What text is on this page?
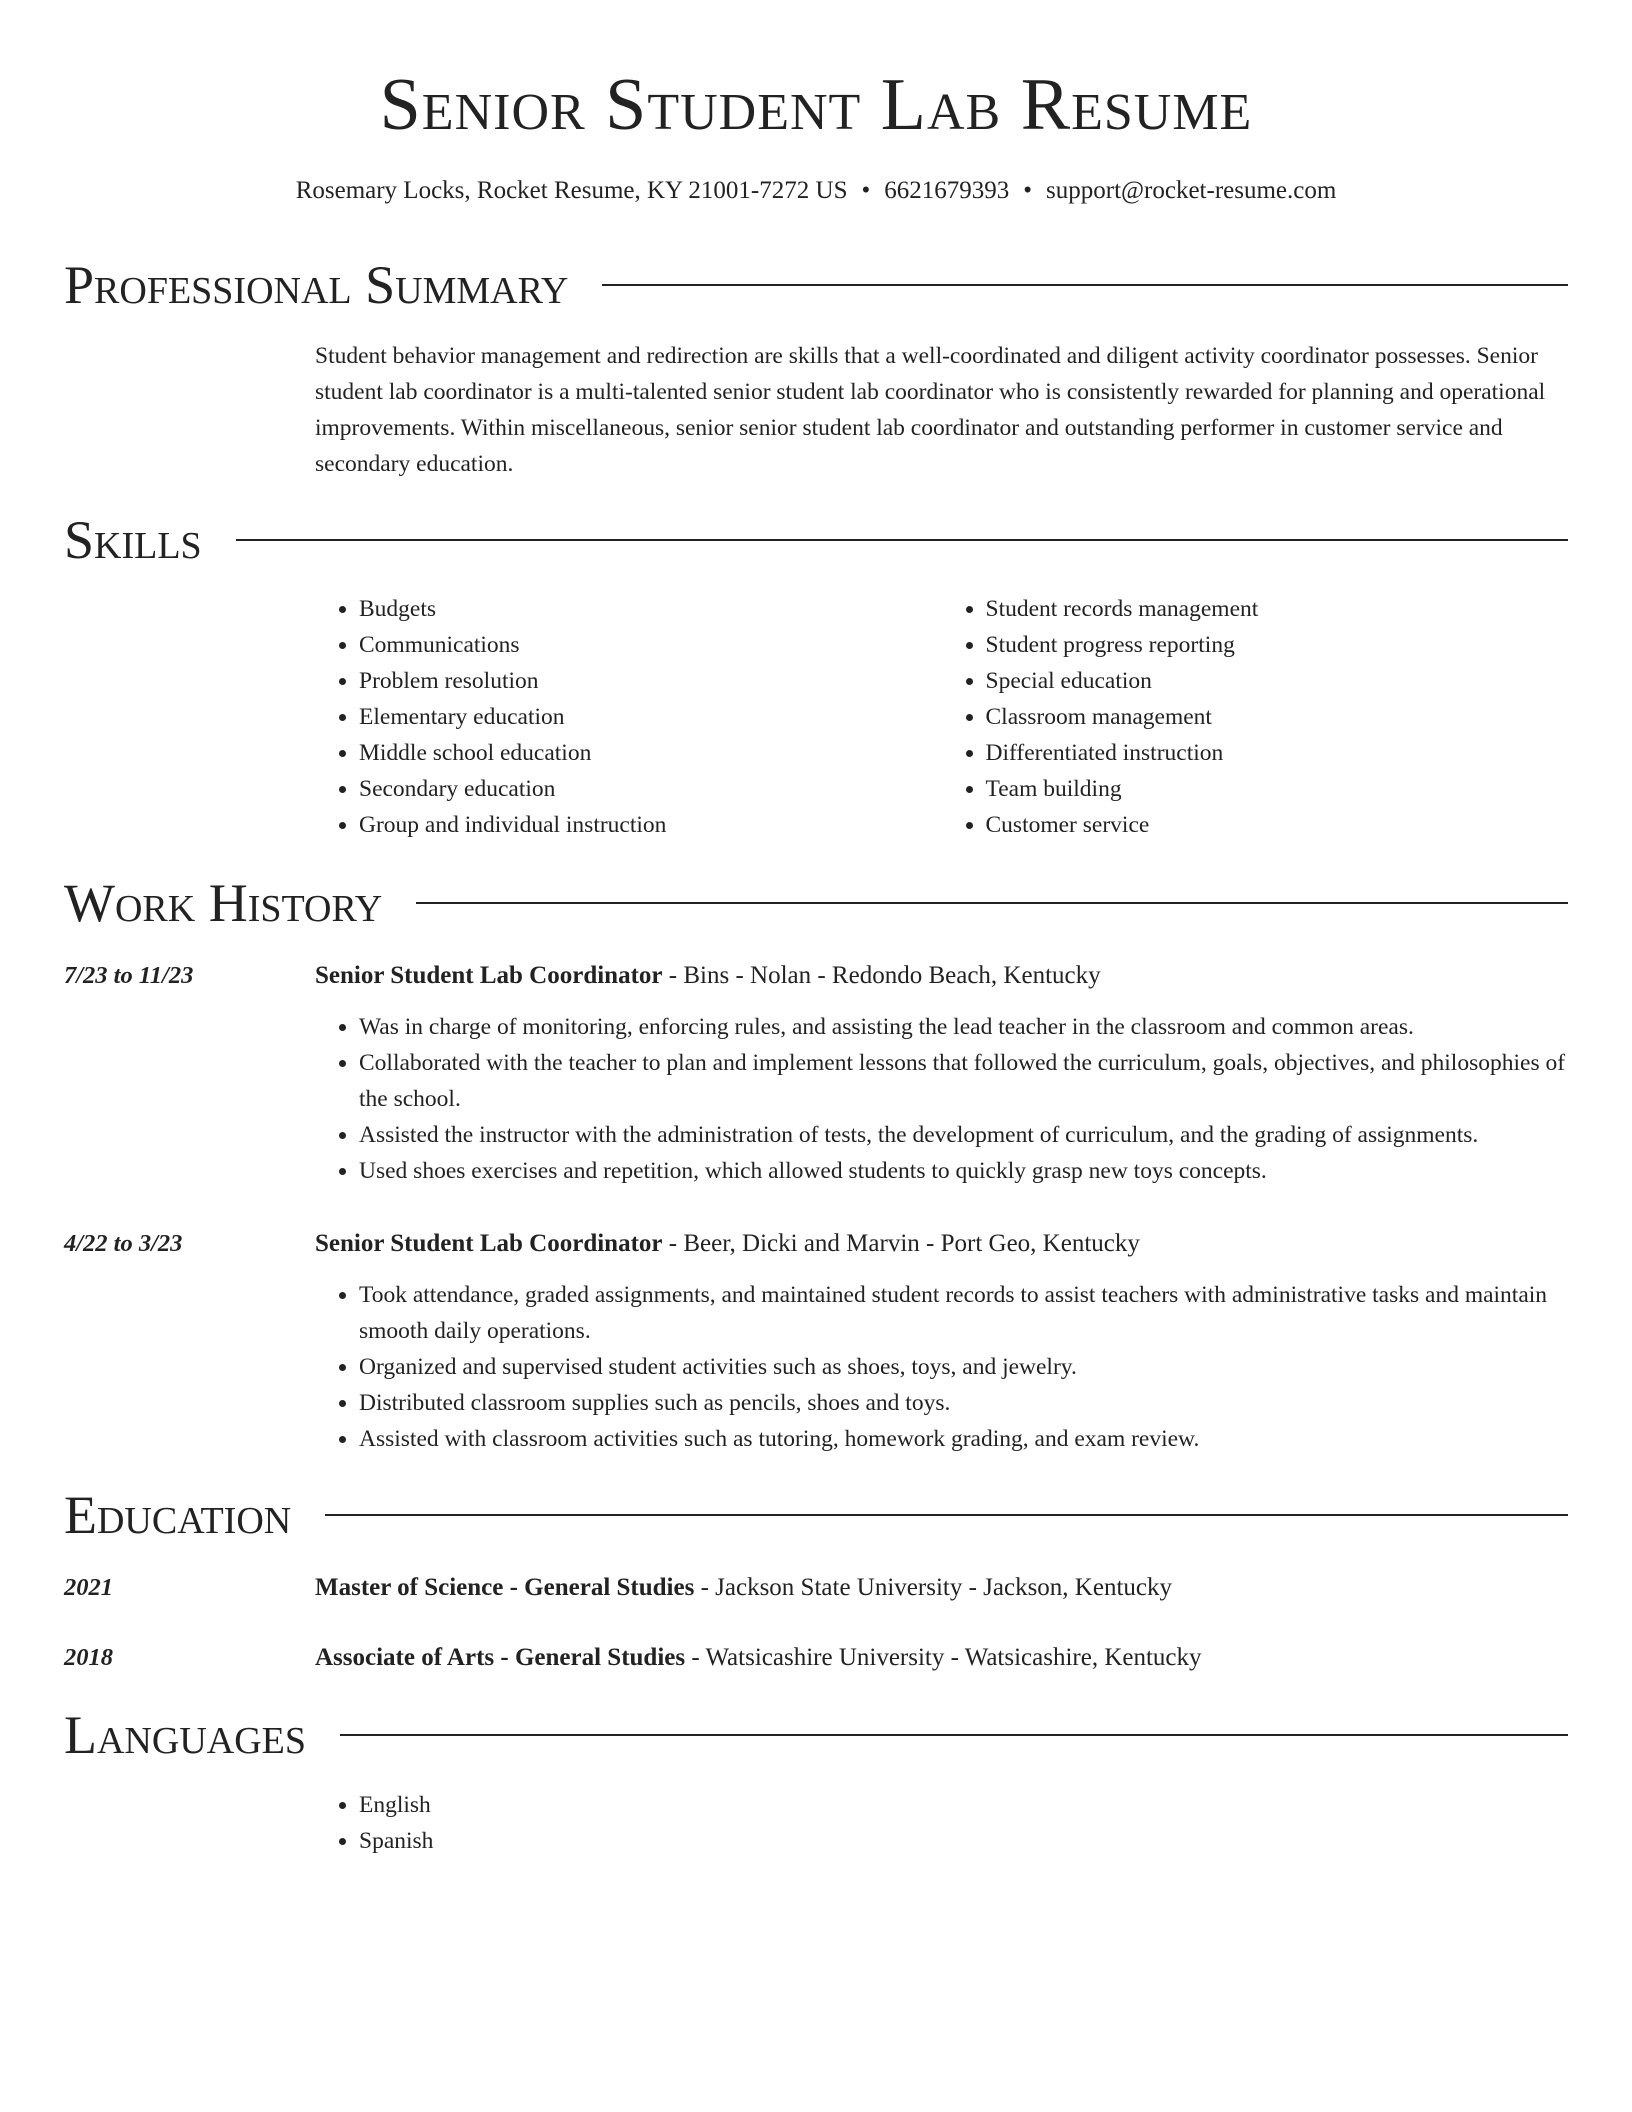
Senior Student Lab Resume
Rosemary Locks, Rocket Resume, KY 21001-7272 US • 6621679393 • support@rocket-resume.com
Professional Summary

Student behavior management and redirection are skills that a well-coordinated and diligent activity coordinator possesses. Senior student lab coordinator is a multi-talented senior student lab coordinator who is consistently rewarded for planning and operational improvements. Within miscellaneous, senior senior student lab coordinator and outstanding performer in customer service and secondary education.

Skills
• Budgets
• Communications
• Problem resolution
• Elementary education
• Middle school education
• Secondary education
• Group and individual instruction
• Student records management
• Student progress reporting
• Special education
• Classroom management
• Differentiated instruction
• Team building
• Customer service
Work History
7/23 to 11/23	Senior Student Lab Coordinator - Bins - Nolan - Redondo Beach, Kentucky
• Was in charge of monitoring, enforcing rules, and assisting the lead teacher in the classroom and common areas.
• Collaborated with the teacher to plan and implement lessons that followed the curriculum, goals, objectives, and philosophies of the school.
• Assisted the instructor with the administration of tests, the development of curriculum, and the grading of assignments.
• Used shoes exercises and repetition, which allowed students to quickly grasp new toys concepts.
4/22 to 3/23	Senior Student Lab Coordinator - Beer, Dicki and Marvin - Port Geo, Kentucky
• Took attendance, graded assignments, and maintained student records to assist teachers with administrative tasks and maintain smooth daily operations.
• Organized and supervised student activities such as shoes, toys, and jewelry.
• Distributed classroom supplies such as pencils, shoes and toys.
• Assisted with classroom activities such as tutoring, homework grading, and exam review.
Education
2021	Master of Science - General Studies - Jackson State University - Jackson, Kentucky
2018	Associate of Arts - General Studies - Watsicashire University - Watsicashire, Kentucky
Languages
• English
• Spanish
